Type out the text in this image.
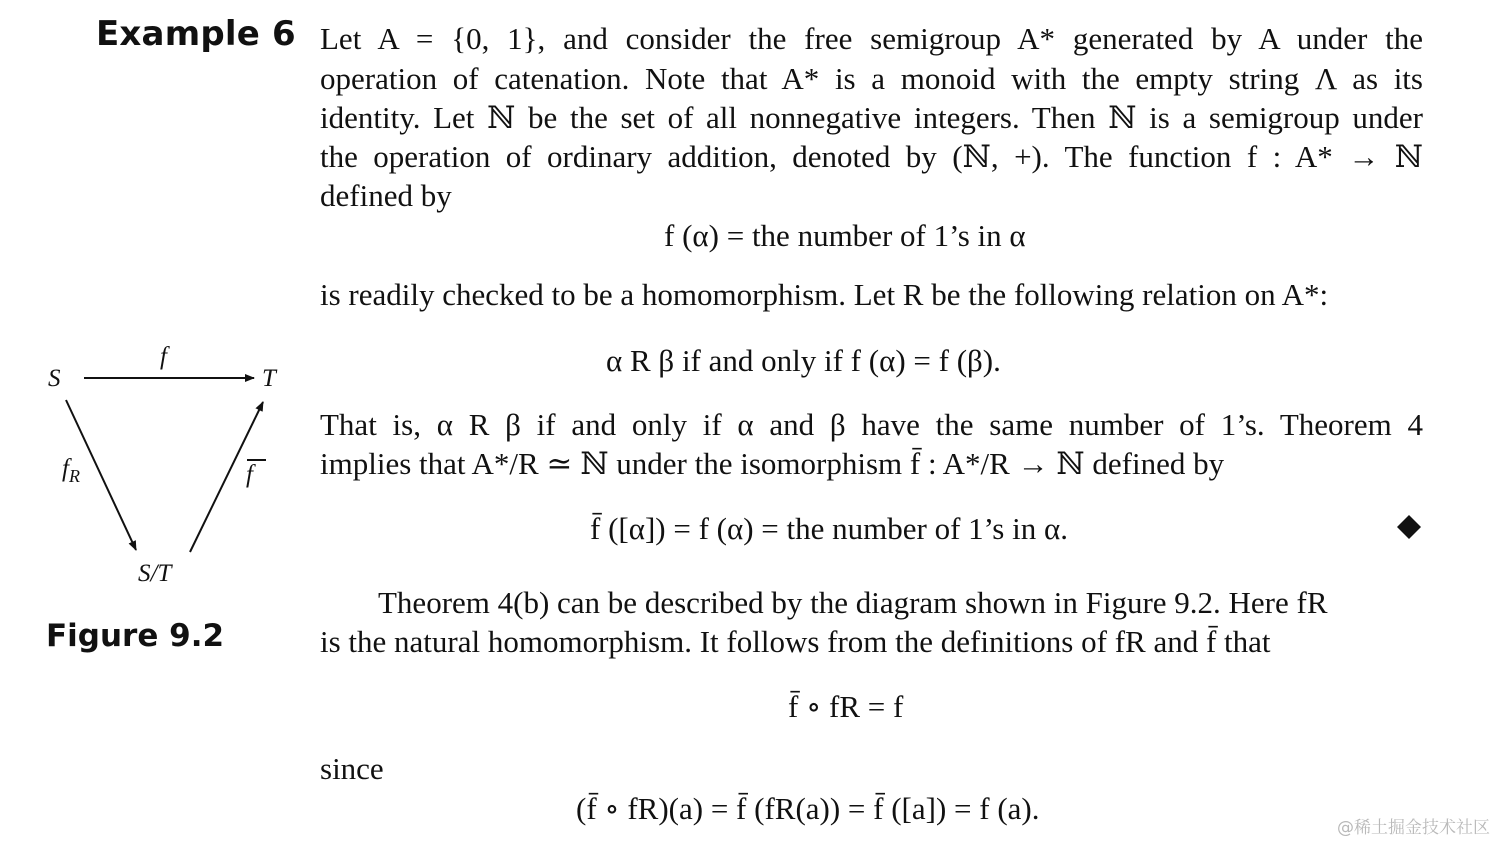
Example 6 Let A = {0, 1}, and consider the free semigroup A* generated by A under the
operation of catenation. Note that A* is a monoid with the empty string Λ as its
identity. Let ℕ be the set of all nonnegative integers. Then ℕ is a semigroup under
the operation of ordinary addition, denoted by (ℕ, +). The function f : A* → ℕ
defined by
f (α) = the number of 1’s in α
is readily checked to be a homomorphism. Let R be the following relation on A*:
α R β if and only if f (α) = f (β).
That is, α R β if and only if α and β have the same number of 1’s. Theorem 4
implies that A*/R ≃ ℕ under the isomorphism f̄ : A*/R → ℕ defined by
f̄ ([α]) = f (α) = the number of 1’s in α.
Theorem 4(b) can be described by the diagram shown in Figure 9.2. Here fR
is the natural homomorphism. It follows from the definitions of fR and f̄ that
f̄ ∘ fR = f
since
(f̄ ∘ fR)(a) = f̄ (fR(a)) = f̄ ([a]) = f (a).
S	T
S/T
f
$f_R$	f
Figure 9.2
@稀土掘金技术社区
